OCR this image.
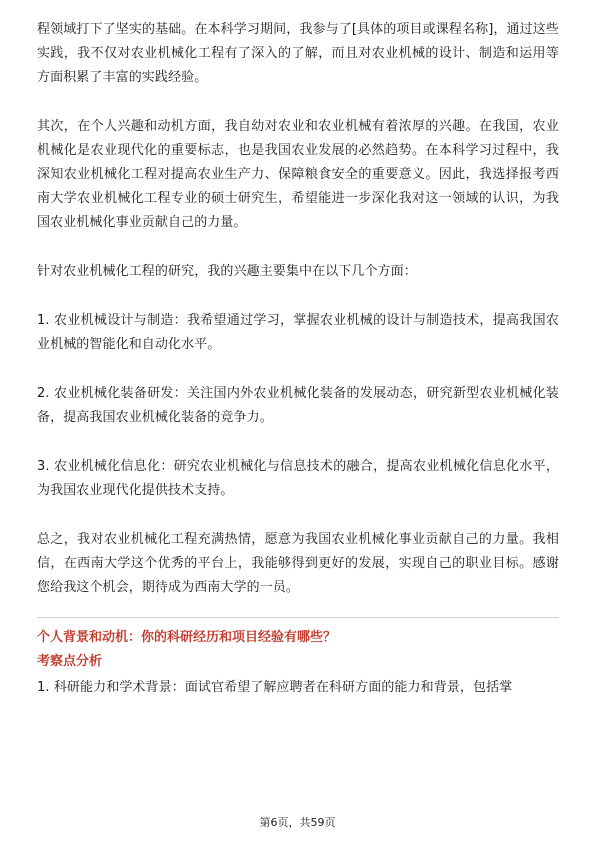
程领域打下了坚实的基础。在本科学习期间，我参与了[具体的项目或课程名称]，通过这些实践，我不仅对农业机械化工程有了深入的了解，而且对农业机械的设计、制造和运用等方面积累了丰富的实践经验。

其次，在个人兴趣和动机方面，我自幼对农业和农业机械有着浓厚的兴趣。在我国，农业机械化是农业现代化的重要标志，也是我国农业发展的必然趋势。在本科学习过程中，我深知农业机械化工程对提高农业生产力、保障粮食安全的重要意义。因此，我选择报考西南大学农业机械化工程专业的硕士研究生，希望能进一步深化我对这一领域的认识，为我国农业机械化事业贡献自己的力量。

针对农业机械化工程的研究，我的兴趣主要集中在以下几个方面：

1. 农业机械设计与制造：我希望通过学习，掌握农业机械的设计与制造技术，提高我国农业机械的智能化和自动化水平。

2. 农业机械化装备研发：关注国内外农业机械化装备的发展动态，研究新型农业机械化装备，提高我国农业机械化装备的竞争力。

3. 农业机械化信息化：研究农业机械化与信息技术的融合，提高农业机械化信息化水平，为我国农业现代化提供技术支持。

总之，我对农业机械化工程充满热情，愿意为我国农业机械化事业贡献自己的力量。我相信，在西南大学这个优秀的平台上，我能够得到更好的发展，实现自己的职业目标。感谢您给我这个机会，期待成为西南大学的一员。

个人背景和动机：你的科研经历和项目经验有哪些？
考察点分析

1. 科研能力和学术背景：面试官希望了解应聘者在科研方面的能力和背景，包括掌

第6页，共59页
